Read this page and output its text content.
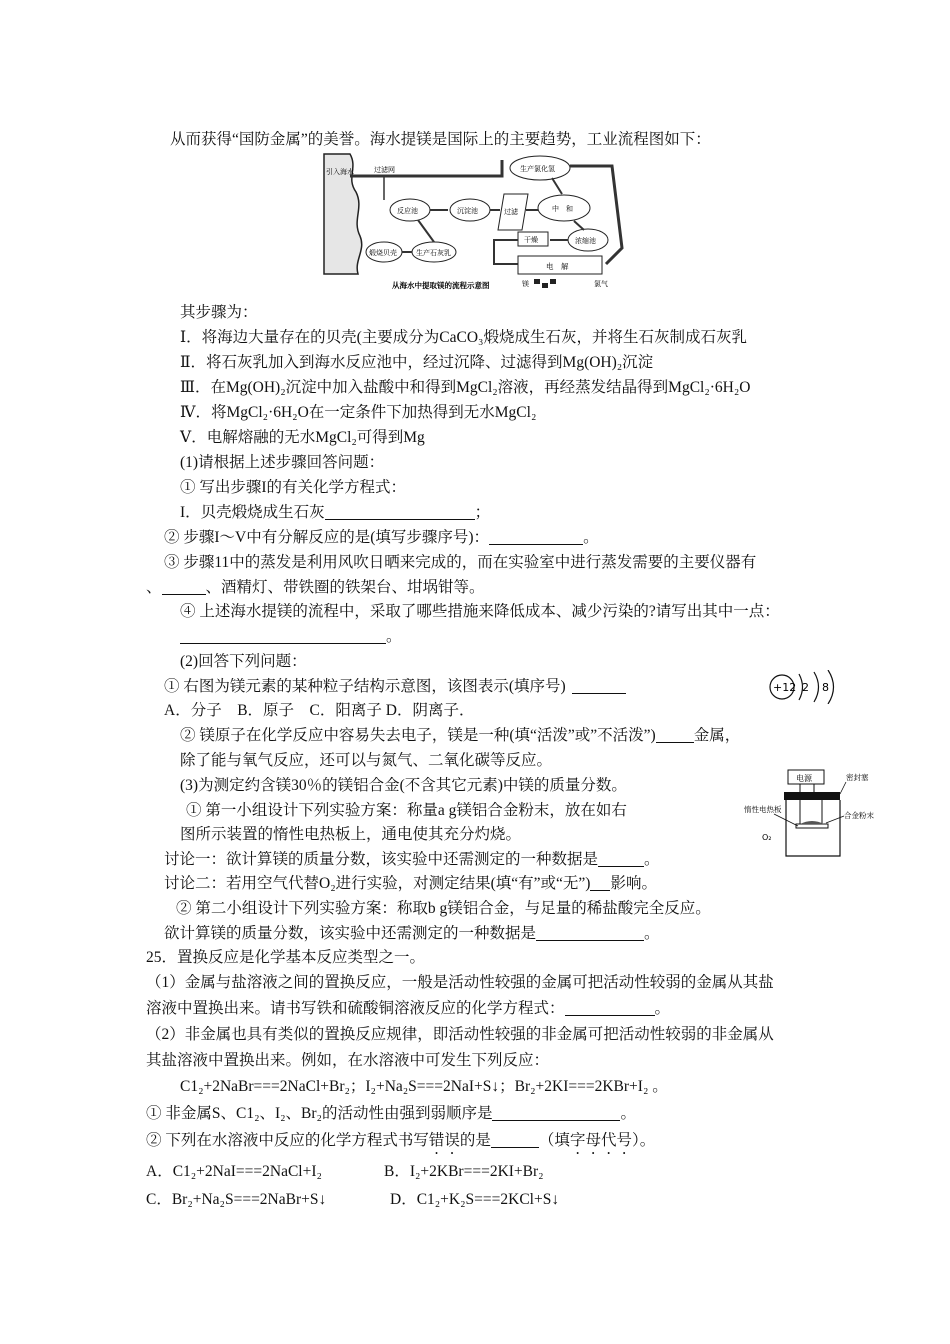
从而获得“国防金属”的美誉。海水提镁是国际上的主要趋势，工业流程图如下：
引入海水	过滤网	生产氯化氢
反应池	沉淀池	过滤	中　和
干燥	浓缩池
电　解
煅烧贝壳	生产石灰乳
镁	氯气
从海水中提取镁的流程示意图
其步骤为：
Ⅰ．将海边大量存在的贝壳(主要成分为CaCO₃煅烧成生石灰，并将生石灰制成石灰乳
Ⅱ．将石灰乳加入到海水反应池中，经过沉降、过滤得到Mg(OH)₂沉淀
Ⅲ．在Mg(OH)₂沉淀中加入盐酸中和得到MgCl₂溶液，再经蒸发结晶得到MgCl₂·6H₂O
Ⅳ．将MgCl₂·6H₂O在一定条件下加热得到无水MgCl₂
Ⅴ．电解熔融的无水MgCl₂可得到Mg
(1)请根据上述步骤回答问题：
① 写出步骤I的有关化学方程式：
I．贝壳煅烧成生石灰	；
② 步骤I～V中有分解反应的是(填写步骤序号)：	。
③ 步骤11中的蒸发是利用风吹日晒来完成的，而在实验室中进行蒸发需要的主要仪器有
、	、酒精灯、带铁圈的铁架台、坩埚钳等。
④ 上述海水提镁的流程中，采取了哪些措施来降低成本、减少污染的?请写出其中一点：
。
(2)回答下列问题：
① 右图为镁元素的某种粒子结构示意图，该图表示(填序号)	+12 2 8
A．分子　B．原子　C．阳离子 D．阴离子．
② 镁原子在化学反应中容易失去电子，镁是一种(填“活泼”或”不活泼”) 金属，
除了能与氧气反应，还可以与氮气、二氧化碳等反应。
(3)为测定约含镁30％的镁铝合金(不含其它元素)中镁的质量分数。
① 第一小组设计下列实验方案：称量a g镁铝合金粉末，放在如右
图所示装置的惰性电热板上，通电使其充分灼烧。
电源	密封塞
惰性电热板
合金粉末
O₂
讨论一：欲计算镁的质量分数，该实验中还需测定的一种数据是	。
讨论二：若用空气代替O₂进行实验，对测定结果(填“有”或“无”) 影响。
② 第二小组设计下列实验方案：称取b g镁铝合金，与足量的稀盐酸完全反应。
欲计算镁的质量分数，该实验中还需测定的一种数据是	。
25．置换反应是化学基本反应类型之一。
（1）金属与盐溶液之间的置换反应，一般是活动性较强的金属可把活动性较弱的金属从其盐
溶液中置换出来。请书写铁和硫酸铜溶液反应的化学方程式：	。
（2）非金属也具有类似的置换反应规律，即活动性较强的非金属可把活动性较弱的非金属从
其盐溶液中置换出来。例如，在水溶液中可发生下列反应：
C1₂+2NaBr===2NaCl+Br₂；I₂+Na₂S===2NaI+S↓；Br₂+2KI===2KBr+I₂ 。
① 非金属S、C1₂、I₂、Br₂的活动性由强到弱顺序是	。
② 下列在水溶液中反应的化学方程式书写错误的是	（填字母代号）。
A．C1₂+2NaI===2NaCl+I₂	B．I₂+2KBr===2KI+Br₂
C．Br₂+Na₂S===2NaBr+S↓	D．C1₂+K₂S===2KCl+S↓
